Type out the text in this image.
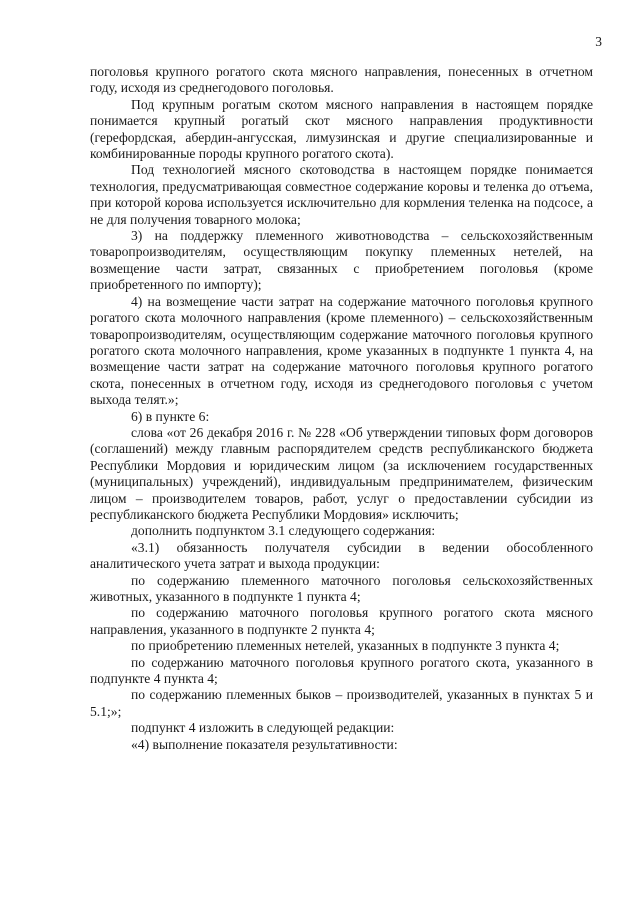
3

поголовья крупного рогатого скота мясного направления, понесенных в отчетном году, исходя из среднегодового поголовья.

Под крупным рогатым скотом мясного направления в настоящем порядке понимается крупный рогатый скот мясного направления продуктивности (герефордская, абердин-ангусская, лимузинская и другие специализированные и комбинированные породы крупного рогатого скота).

Под технологией мясного скотоводства в настоящем порядке понимается технология, предусматривающая совместное содержание коровы и теленка до отъема, при которой корова используется исключительно для кормления теленка на подсосе, а не для получения товарного молока;

3) на поддержку племенного животноводства – сельскохозяйственным товаропроизводителям, осуществляющим покупку племенных нетелей, на возмещение части затрат, связанных с приобретением поголовья (кроме приобретенного по импорту);

4) на возмещение части затрат на содержание маточного поголовья крупного рогатого скота молочного направления (кроме племенного) – сельскохозяйственным товаропроизводителям, осуществляющим содержание маточного поголовья крупного рогатого скота молочного направления, кроме указанных в подпункте 1 пункта 4, на возмещение части затрат на содержание маточного поголовья крупного рогатого скота, понесенных в отчетном году, исходя из среднегодового поголовья с учетом выхода телят.»;

6) в пункте 6:

слова «от 26 декабря 2016 г. № 228 «Об утверждении типовых форм договоров (соглашений) между главным распорядителем средств республиканского бюджета Республики Мордовия и юридическим лицом (за исключением государственных (муниципальных) учреждений), индивидуальным предпринимателем, физическим лицом – производителем товаров, работ, услуг о предоставлении субсидии из республиканского бюджета Республики Мордовия» исключить;

дополнить подпунктом 3.1 следующего содержания:

«3.1) обязанность получателя субсидии в ведении обособленного аналитического учета затрат и выхода продукции:

по содержанию племенного маточного поголовья сельскохозяйственных животных, указанного в подпункте 1 пункта 4;

по содержанию маточного поголовья крупного рогатого скота мясного направления, указанного в подпункте 2 пункта 4;

по приобретению племенных нетелей, указанных в подпункте 3 пункта 4;

по содержанию маточного поголовья крупного рогатого скота, указанного в подпункте 4 пункта 4;

по содержанию племенных быков – производителей, указанных в пунктах 5 и 5.1;»;

подпункт 4 изложить в следующей редакции:

«4) выполнение показателя результативности:
